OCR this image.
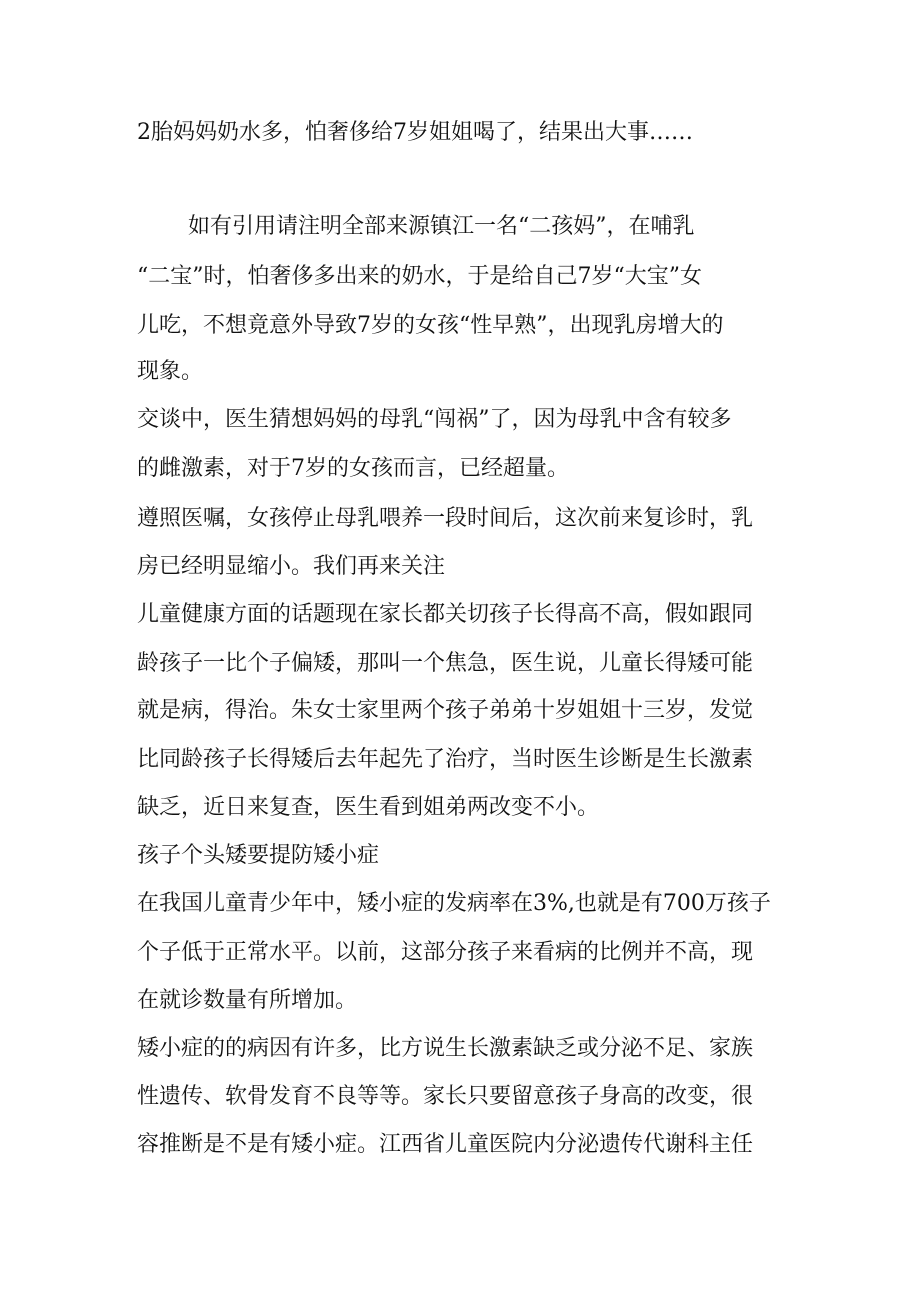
2胎妈妈奶水多，怕奢侈给7岁姐姐喝了，结果出大事……

如有引用请注明全部来源镇江一名“二孩妈”，在哺乳

“二宝”时，怕奢侈多出来的奶水，于是给自己7岁“大宝”女

儿吃，不想竟意外导致7岁的女孩“性早熟”，出现乳房增大的

现象。

交谈中，医生猜想妈妈的母乳“闯祸”了，因为母乳中含有较多

的雌激素，对于7岁的女孩而言，已经超量。

遵照医嘱，女孩停止母乳喂养一段时间后，这次前来复诊时，乳

房已经明显缩小。我们再来关注

儿童健康方面的话题现在家长都关切孩子长得高不高，假如跟同

龄孩子一比个子偏矮，那叫一个焦急，医生说，儿童长得矮可能

就是病，得治。朱女士家里两个孩子弟弟十岁姐姐十三岁，发觉

比同龄孩子长得矮后去年起先了治疗，当时医生诊断是生长激素

缺乏，近日来复查，医生看到姐弟两改变不小。

孩子个头矮要提防矮小症

在我国儿童青少年中，矮小症的发病率在3%,也就是有700万孩子

个子低于正常水平。以前，这部分孩子来看病的比例并不高，现

在就诊数量有所增加。

矮小症的的病因有许多，比方说生长激素缺乏或分泌不足、家族

性遗传、软骨发育不良等等。家长只要留意孩子身高的改变，很

容推断是不是有矮小症。江西省儿童医院内分泌遗传代谢科主任
